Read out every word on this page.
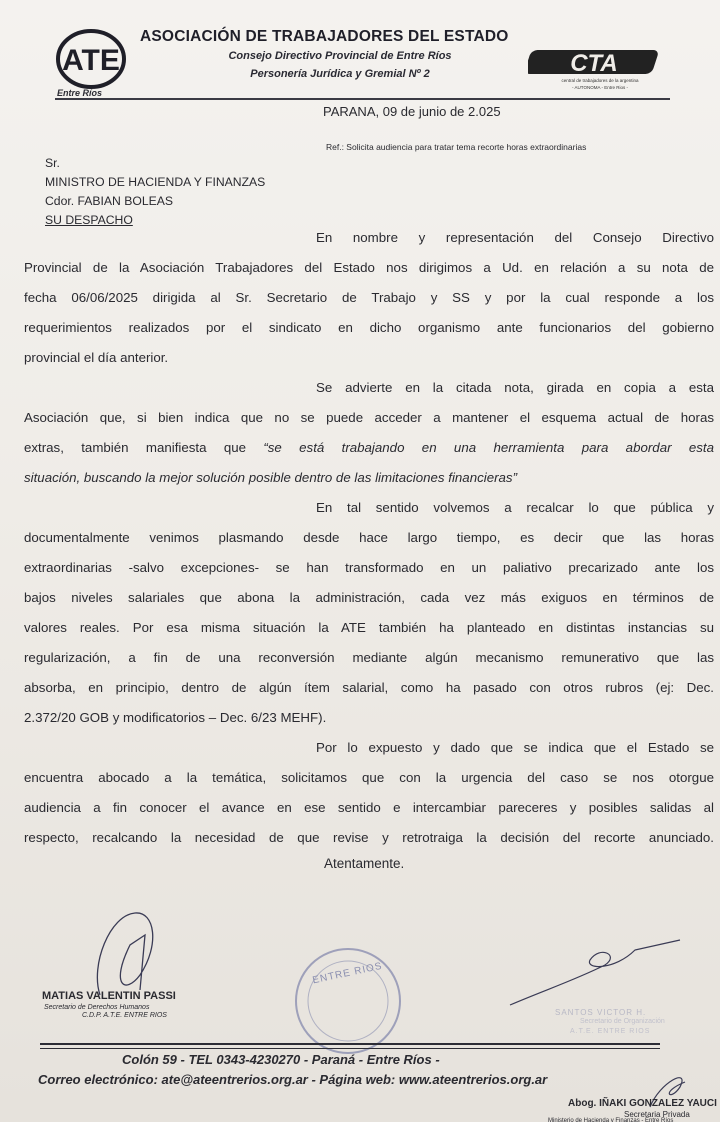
ATE
Entre Ríos
ASOCIACIÓN DE TRABAJADORES DEL ESTADO
Consejo Directivo Provincial de Entre Ríos
Personería Jurídica y Gremial Nº 2	CTA
central de trabajadores de la argentina
- AUTONOMA - Entre Rios -
PARANA, 09 de junio de 2.025
Ref.: Solicita audiencia para tratar tema recorte horas extraordinarias
Sr.
MINISTRO DE HACIENDA Y FINANZAS
Cdor. FABIAN BOLEAS
SU DESPACHO
En nombre y representación del Consejo Directivo
Provincial de la Asociación Trabajadores del Estado nos dirigimos a Ud. en relación a su nota de
fecha 06/06/2025 dirigida al Sr. Secretario de Trabajo y SS y por la cual responde a los
requerimientos realizados por el sindicato en dicho organismo ante funcionarios del gobierno
provincial el día anterior.
Se advierte en la citada nota, girada en copia a esta
Asociación que, si bien indica que no se puede acceder a mantener el esquema actual de horas
extras, también manifiesta que “se está trabajando en una herramienta para abordar esta
situación, buscando la mejor solución posible dentro de las limitaciones financieras”
En tal sentido volvemos a recalcar lo que pública y
documentalmente venimos plasmando desde hace largo tiempo, es decir que las horas
extraordinarias -salvo excepciones- se han transformado en un paliativo precarizado ante los
bajos niveles salariales que abona la administración, cada vez más exiguos en términos de
valores reales. Por esa misma situación la ATE también ha planteado en distintas instancias su
regularización, a fin de una reconversión mediante algún mecanismo remunerativo que las
absorba, en principio, dentro de algún ítem salarial, como ha pasado con otros rubros (ej: Dec.
2.372/20 GOB y modificatorios – Dec. 6/23 MEHF).
Por lo expuesto y dado que se indica que el Estado se
encuentra abocado a la temática, solicitamos que con la urgencia del caso se nos otorgue
audiencia a fin conocer el avance en ese sentido e intercambiar pareceres y posibles salidas al
respecto, recalcando la necesidad de que revise y retrotraiga la decisión del recorte anunciado.
Atentamente.
ENTRE RIOS
MATIAS VALENTIN PASSI
Secretario de Derechos Humanos
C.D.P. A.T.E. ENTRE RIOS	SANTOS VICTOR H.
Secretario de Organización
A.T.E. ENTRE RIOS
Colón 59 - TEL 0343-4230270 - Paraná - Entre Ríos -
Correo electrónico: ate@ateentrerios.org.ar - Página web: www.ateentrerios.org.ar
Abog. IÑAKI GONZALEZ YAUCI
Secretaria Privada
Ministerio de Hacienda y Finanzas - Entre Ríos
